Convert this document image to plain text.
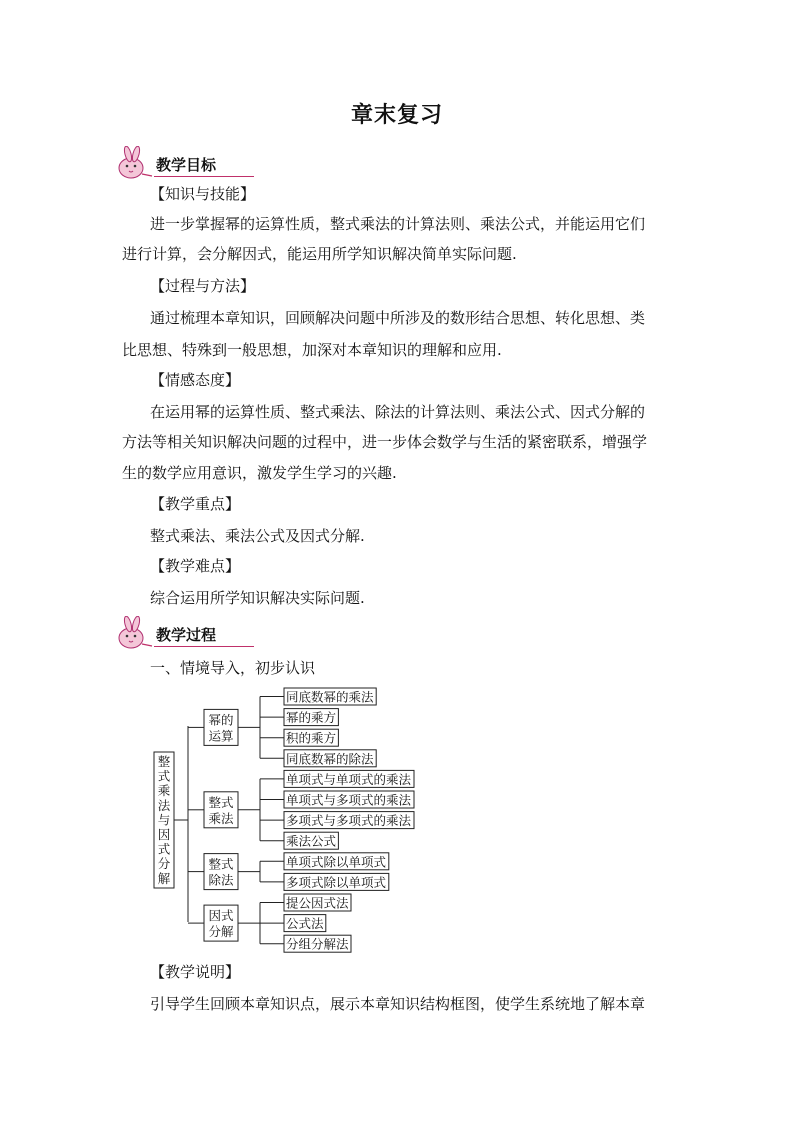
章末复习
教学目标
【知识与技能】
进一步掌握幂的运算性质，整式乘法的计算法则、乘法公式，并能运用它们
进行计算，会分解因式，能运用所学知识解决简单实际问题.
【过程与方法】
通过梳理本章知识，回顾解决问题中所涉及的数形结合思想、转化思想、类
比思想、特殊到一般思想，加深对本章知识的理解和应用.
【情感态度】
在运用幂的运算性质、整式乘法、除法的计算法则、乘法公式、因式分解的
方法等相关知识解决问题的过程中，进一步体会数学与生活的紧密联系，增强学
生的数学应用意识，激发学生学习的兴趣.
【教学重点】
整式乘法、乘法公式及因式分解.
【教学难点】
综合运用所学知识解决实际问题.
教学过程
一、情境导入，初步认识
整
式
乘
法
与
因
式
分
解
幂的
运算
同底数幂的乘法
幂的乘方
积的乘方
同底数幂的除法
整式
乘法
单项式与单项式的乘法
单项式与多项式的乘法
多项式与多项式的乘法
乘法公式
整式
除法
单项式除以单项式
多项式除以单项式
因式
分解
提公因式法
公式法
分组分解法
【教学说明】
引导学生回顾本章知识点，展示本章知识结构框图，使学生系统地了解本章
